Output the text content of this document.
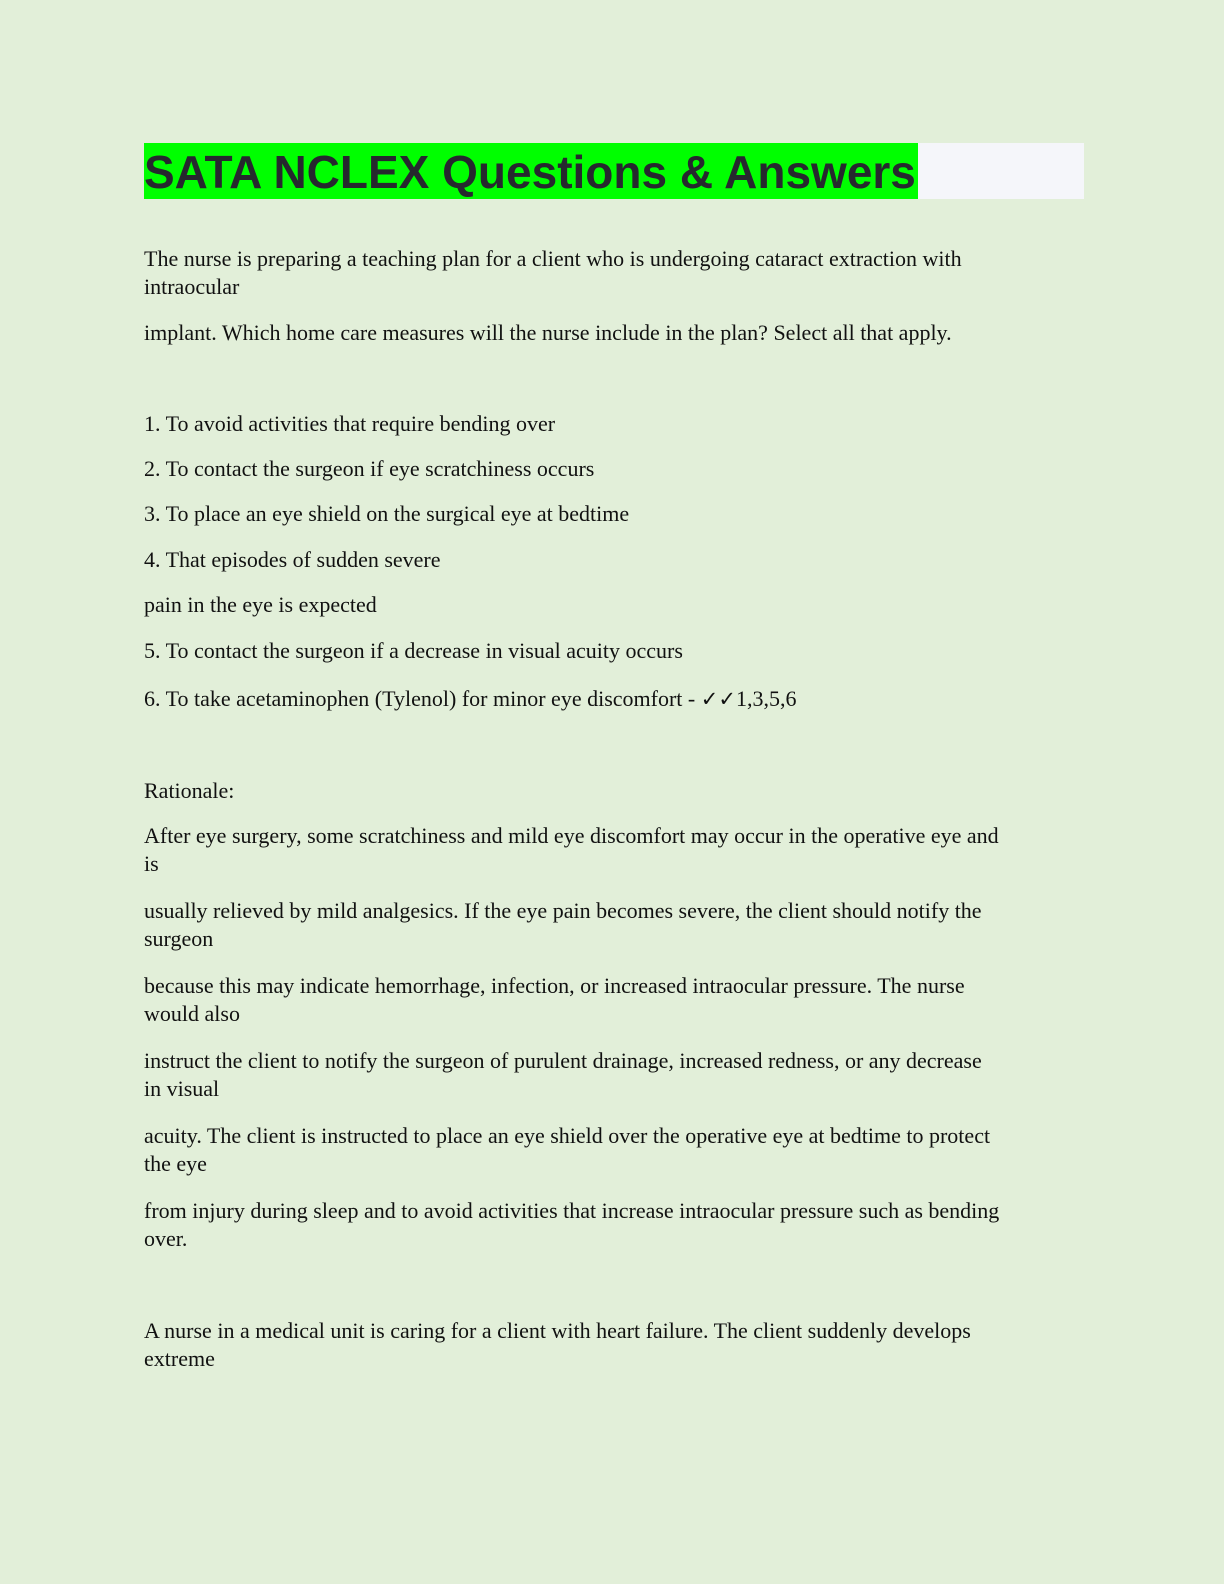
SATA NCLEX Questions & Answers

The nurse is preparing a teaching plan for a client who is undergoing cataract extraction with

intraocular

implant. Which home care measures will the nurse include in the plan? Select all that apply.

1. To avoid activities that require bending over

2. To contact the surgeon if eye scratchiness occurs

3. To place an eye shield on the surgical eye at bedtime

4. That episodes of sudden severe

pain in the eye is expected

5. To contact the surgeon if a decrease in visual acuity occurs

6. To take acetaminophen (Tylenol) for minor eye discomfort - ✓✓1,3,5,6

Rationale:

After eye surgery, some scratchiness and mild eye discomfort may occur in the operative eye and

is

usually relieved by mild analgesics. If the eye pain becomes severe, the client should notify the

surgeon

because this may indicate hemorrhage, infection, or increased intraocular pressure. The nurse

would also

instruct the client to notify the surgeon of purulent drainage, increased redness, or any decrease

in visual

acuity. The client is instructed to place an eye shield over the operative eye at bedtime to protect

the eye

from injury during sleep and to avoid activities that increase intraocular pressure such as bending

over.

A nurse in a medical unit is caring for a client with heart failure. The client suddenly develops

extreme
